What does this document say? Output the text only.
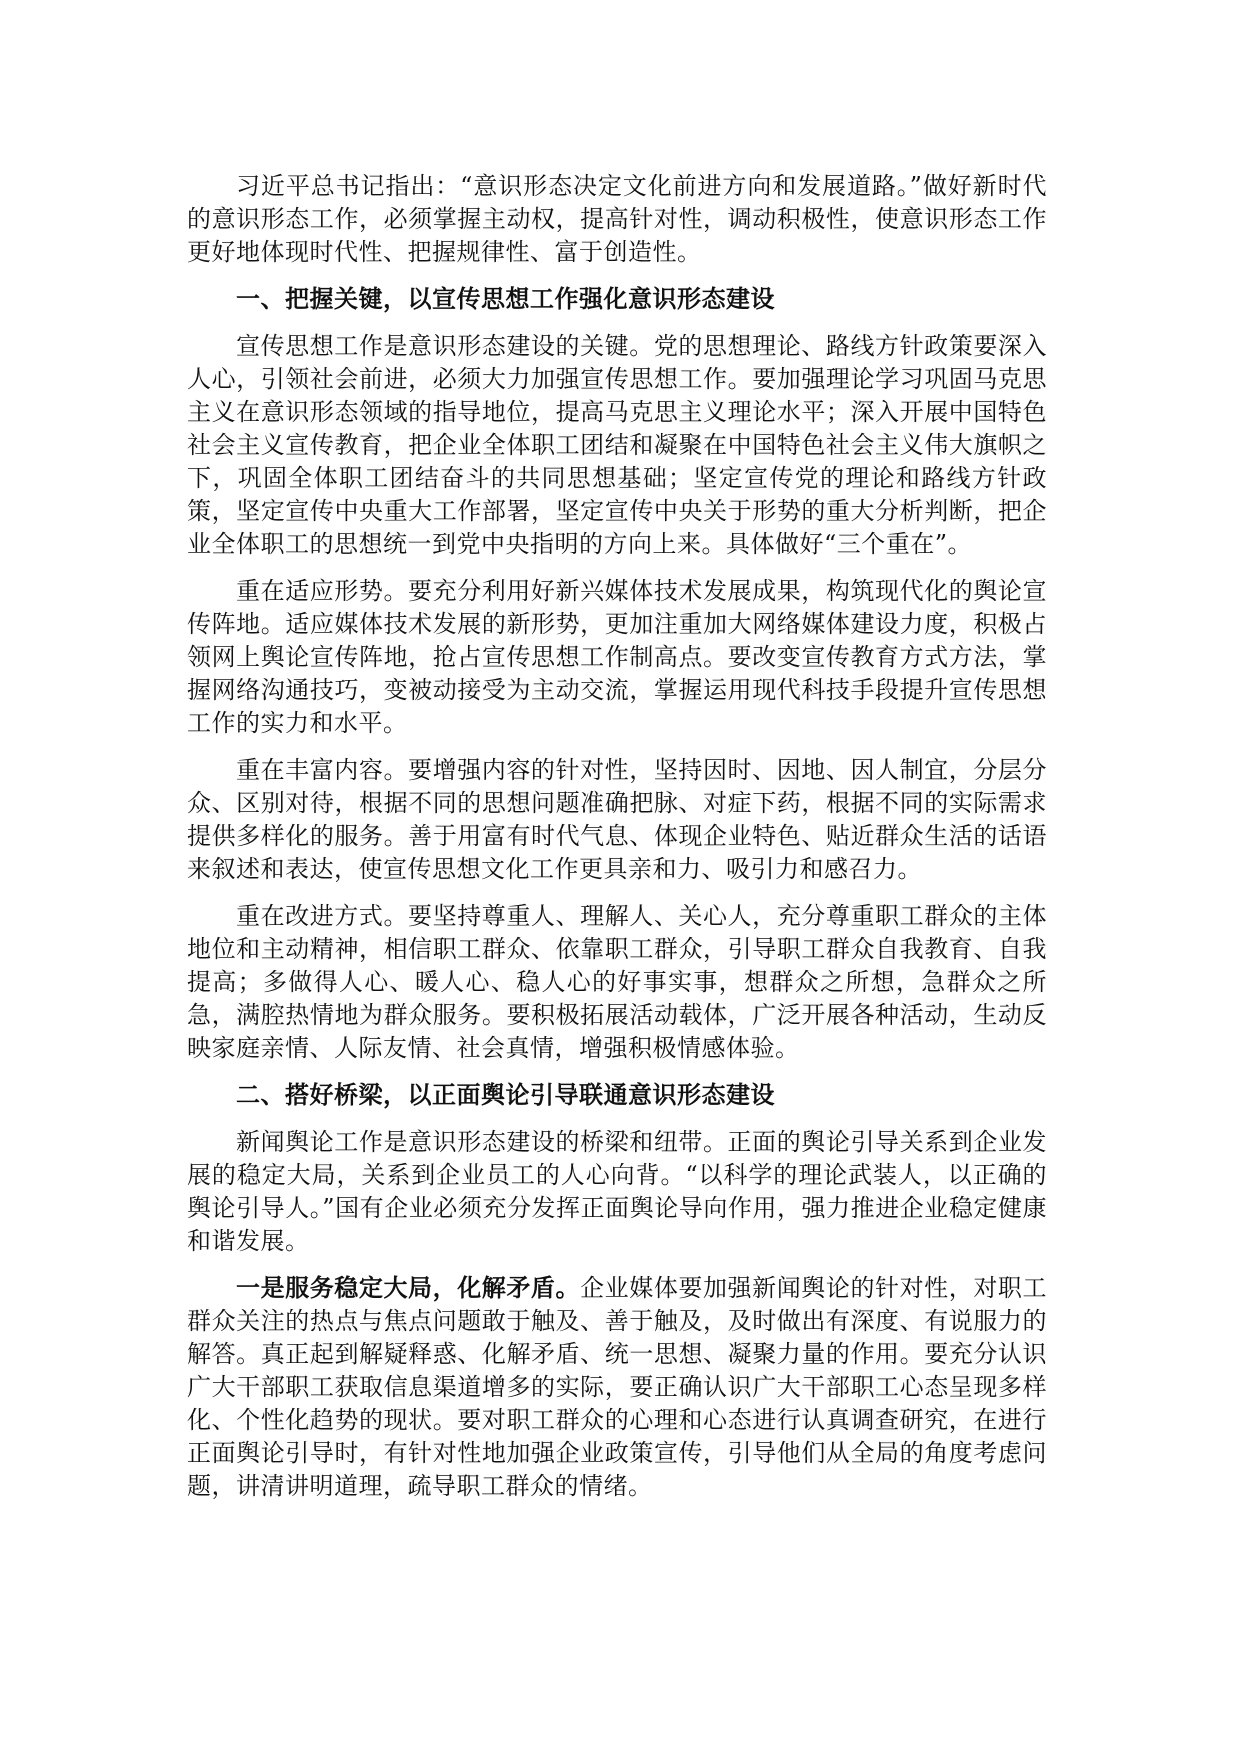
习近平总书记指出：“意识形态决定文化前进方向和发展道路。”做好新时代的意识形态工作，必须掌握主动权，提高针对性，调动积极性，使意识形态工作更好地体现时代性、把握规律性、富于创造性。

一、把握关键，以宣传思想工作强化意识形态建设

宣传思想工作是意识形态建设的关键。党的思想理论、路线方针政策要深入人心，引领社会前进，必须大力加强宣传思想工作。要加强理论学习巩固马克思主义在意识形态领域的指导地位，提高马克思主义理论水平；深入开展中国特色社会主义宣传教育，把企业全体职工团结和凝聚在中国特色社会主义伟大旗帜之下，巩固全体职工团结奋斗的共同思想基础；坚定宣传党的理论和路线方针政策，坚定宣传中央重大工作部署，坚定宣传中央关于形势的重大分析判断，把企业全体职工的思想统一到党中央指明的方向上来。具体做好“三个重在”。

重在适应形势。要充分利用好新兴媒体技术发展成果，构筑现代化的舆论宣传阵地。适应媒体技术发展的新形势，更加注重加大网络媒体建设力度，积极占领网上舆论宣传阵地，抢占宣传思想工作制高点。要改变宣传教育方式方法，掌握网络沟通技巧，变被动接受为主动交流，掌握运用现代科技手段提升宣传思想工作的实力和水平。

重在丰富内容。要增强内容的针对性，坚持因时、因地、因人制宜，分层分众、区别对待，根据不同的思想问题准确把脉、对症下药，根据不同的实际需求提供多样化的服务。善于用富有时代气息、体现企业特色、贴近群众生活的话语来叙述和表达，使宣传思想文化工作更具亲和力、吸引力和感召力。

重在改进方式。要坚持尊重人、理解人、关心人，充分尊重职工群众的主体地位和主动精神，相信职工群众、依靠职工群众，引导职工群众自我教育、自我提高；多做得人心、暖人心、稳人心的好事实事，想群众之所想，急群众之所急，满腔热情地为群众服务。要积极拓展活动载体，广泛开展各种活动，生动反映家庭亲情、人际友情、社会真情，增强积极情感体验。

二、搭好桥梁，以正面舆论引导联通意识形态建设

新闻舆论工作是意识形态建设的桥梁和纽带。正面的舆论引导关系到企业发展的稳定大局，关系到企业员工的人心向背。“以科学的理论武装人，以正确的舆论引导人。”国有企业必须充分发挥正面舆论导向作用，强力推进企业稳定健康和谐发展。

一是服务稳定大局，化解矛盾。企业媒体要加强新闻舆论的针对性，对职工群众关注的热点与焦点问题敢于触及、善于触及，及时做出有深度、有说服力的解答。真正起到解疑释惑、化解矛盾、统一思想、凝聚力量的作用。要充分认识广大干部职工获取信息渠道增多的实际，要正确认识广大干部职工心态呈现多样化、个性化趋势的现状。要对职工群众的心理和心态进行认真调查研究，在进行正面舆论引导时，有针对性地加强企业政策宣传，引导他们从全局的角度考虑问题，讲清讲明道理，疏导职工群众的情绪。
